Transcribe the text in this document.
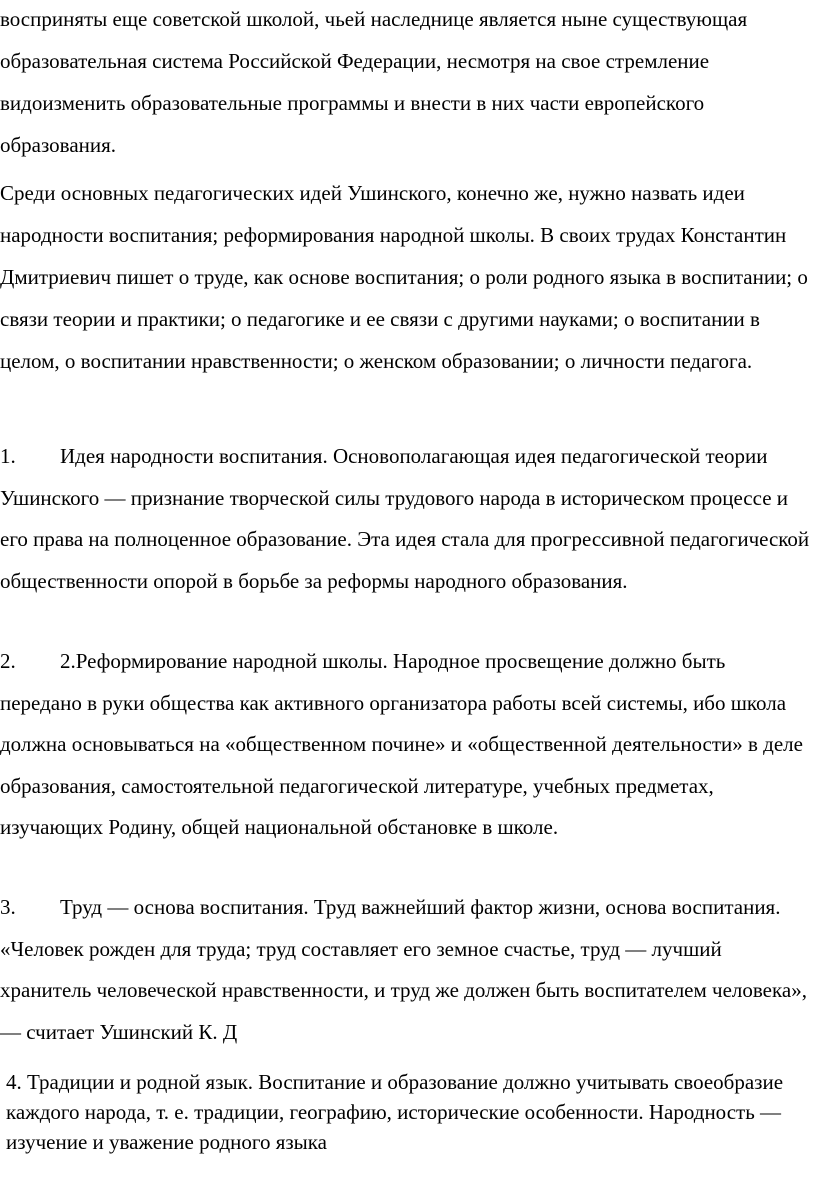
восприняты еще советской школой, чьей наследнице является ныне существующая образовательная система Российской Федерации, несмотря на свое стремление видоизменить образовательные программы и внести в них части европейского образования.

Среди основных педагогических идей Ушинского, конечно же, нужно назвать идеи народности воспитания; реформирования народной школы. В своих трудах Константин Дмитриевич пишет о труде, как основе воспитания; о роли родного языка в воспитании; о связи теории и практики; о педагогике и ее связи с другими науками; о воспитании в целом, о воспитании нравственности; о женском образовании; о личности педагога.

1. Идея народности воспитания. Основополагающая идея педагогической теории Ушинского — признание творческой силы трудового народа в историческом процессе и его права на полноценное образование. Эта идея стала для прогрессивной педагогической общественности опорой в борьбе за реформы народного образования.
2. 2.Реформирование народной школы. Народное просвещение должно быть передано в руки общества как активного организатора работы всей системы, ибо школа должна основываться на «общественном почине» и «общественной деятельности» в деле образования, самостоятельной педагогической литературе, учебных предметах, изучающих Родину, общей национальной обстановке в школе.
3. Труд — основа воспитания. Труд важнейший фактор жизни, основа воспитания. «Человек рожден для труда; труд составляет его земное счастье, труд — лучший хранитель человеческой нравственности, и труд же должен быть воспитателем человека», — считает Ушинский К. Д

4. Традиции и родной язык. Воспитание и образование должно учитывать своеобразие каждого народа, т. е. традиции, географию, исторические особенности. Народность — изучение и уважение родного языка
